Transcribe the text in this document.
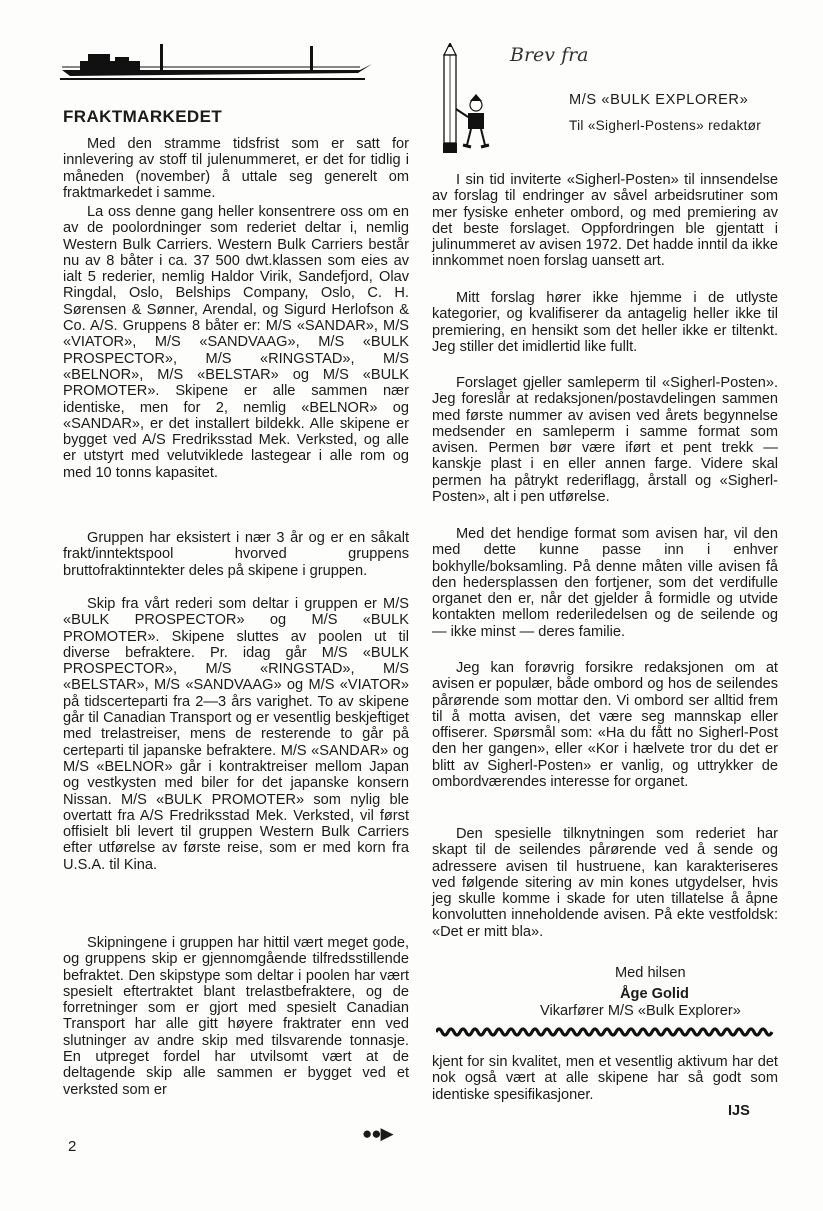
FRAKTMARKEDET

Med den stramme tidsfrist som er satt for innlevering av stoff til julenummeret, er det for tidlig i måneden (november) å uttale seg generelt om fraktmarkedet i samme.

La oss denne gang heller konsentrere oss om en av de poolordninger som rederiet deltar i, nemlig Western Bulk Carriers. Western Bulk Carriers består nu av 8 båter i ca. 37 500 dwt.klassen som eies av ialt 5 rederier, nemlig Haldor Virik, Sandefjord, Olav Ringdal, Oslo, Belships Company, Oslo, C. H. Sørensen & Sønner, Arendal, og Sigurd Herlofson & Co. A/S. Gruppens 8 båter er: M/S «SANDAR», M/S «VIATOR», M/S «SANDVAAG», M/S «BULK PROSPECTOR», M/S «RINGSTAD», M/S «BELNOR», M/S «BELSTAR» og M/S «BULK PROMOTER». Skipene er alle sammen nær identiske, men for 2, nemlig «BELNOR» og «SANDAR», er det installert bildekk. Alle skipene er bygget ved A/S Fredriksstad Mek. Verksted, og alle er utstyrt med velutviklede lastegear i alle rom og med 10 tonns kapasitet.

Gruppen har eksistert i nær 3 år og er en såkalt frakt/inntektspool hvorved gruppens bruttofraktinntekter deles på skipene i gruppen.

Skip fra vårt rederi som deltar i gruppen er M/S «BULK PROSPECTOR» og M/S «BULK PROMOTER». Skipene sluttes av poolen ut til diverse befraktere. Pr. idag går M/S «BULK PROSPECTOR», M/S «RINGSTAD», M/S «BELSTAR», M/S «SANDVAAG» og M/S «VIATOR» på tidscerteparti fra 2—3 års varighet. To av skipene går til Canadian Transport og er vesentlig beskjeftiget med trelastreiser, mens de resterende to går på certeparti til japanske befraktere. M/S «SANDAR» og M/S «BELNOR» går i kontraktreiser mellom Japan og vestkysten med biler for det japanske konsern Nissan. M/S «BULK PROMOTER» som nylig ble overtatt fra A/S Fredriksstad Mek. Verksted, vil først offisielt bli levert til gruppen Western Bulk Carriers efter utførelse av første reise, som er med korn fra U.S.A. til Kina.

Skipningene i gruppen har hittil vært meget gode, og gruppens skip er gjennomgående tilfredsstillende befraktet. Den skipstype som deltar i poolen har vært spesielt eftertraktet blant trelastbefraktere, og de forretninger som er gjort med spesielt Canadian Transport har alle gitt høyere fraktrater enn ved slutninger av andre skip med tilsvarende tonnasje. En utpreget fordel har utvilsomt vært at de deltagende skip alle sammen er bygget ved et verksted som er

●●▶

2

Brev fra

M/S «BULK EXPLORER»

Til «Sigherl-Postens» redaktør

I sin tid inviterte «Sigherl-Posten» til innsendelse av forslag til endringer av såvel arbeidsrutiner som mer fysiske enheter ombord, og med premiering av det beste forslaget. Oppfordringen ble gjentatt i julinummeret av avisen 1972. Det hadde inntil da ikke innkommet noen forslag uansett art.

Mitt forslag hører ikke hjemme i de utlyste kategorier, og kvalifiserer da antagelig heller ikke til premiering, en hensikt som det heller ikke er tiltenkt. Jeg stiller det imidlertid like fullt.

Forslaget gjeller samleperm til «Sigherl-Posten». Jeg foreslår at redaksjonen/postavdelingen sammen med første nummer av avisen ved årets begynnelse medsender en samleperm i samme format som avisen. Permen bør være iført et pent trekk — kanskje plast i en eller annen farge. Videre skal permen ha påtrykt rederiflagg, årstall og «Sigherl-Posten», alt i pen utførelse.

Med det hendige format som avisen har, vil den med dette kunne passe inn i enhver bokhylle/boksamling. På denne måten ville avisen få den hedersplassen den fortjener, som det verdifulle organet den er, når det gjelder å formidle og utvide kontakten mellom rederiledelsen og de seilende og — ikke minst — deres familie.

Jeg kan forøvrig forsikre redaksjonen om at avisen er populær, både ombord og hos de seilendes pårørende som mottar den. Vi ombord ser alltid frem til å motta avisen, det være seg mannskap eller offiserer. Spørsmål som: «Ha du fått no Sigherl-Post den her gangen», eller «Kor i hælvete tror du det er blitt av Sigherl-Posten» er vanlig, og uttrykker de ombordværendes interesse for organet.

Den spesielle tilknytningen som rederiet har skapt til de seilendes pårørende ved å sende og adressere avisen til hustruene, kan karakteriseres ved følgende sitering av min kones utgydelser, hvis jeg skulle komme i skade for uten tillatelse å åpne konvolutten inneholdende avisen. På ekte vestfoldsk: «Det er mitt bla».

Med hilsen

Åge Golid

Vikarfører M/S «Bulk Explorer»

kjent for sin kvalitet, men et vesentlig aktivum har det nok også vært at alle skipene har så godt som identiske spesifikasjoner.

IJS
